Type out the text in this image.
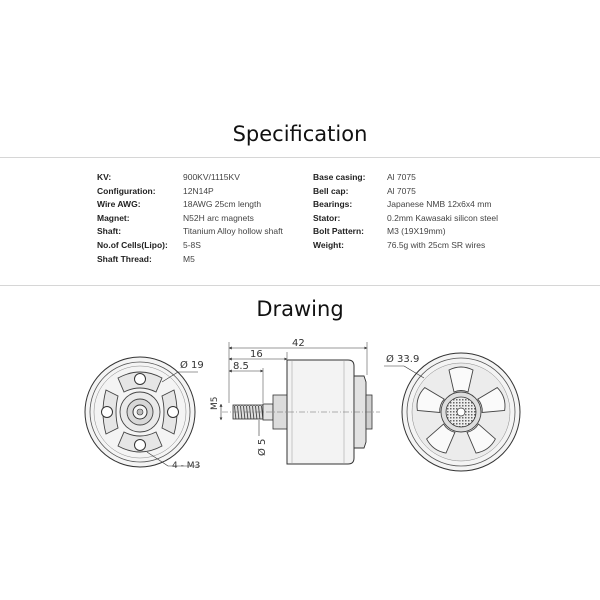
Specification
KV:
Configuration:
Wire AWG:
Magnet:
Shaft:
No.of Cells(Lipo):
Shaft Thread:
900KV/1115KV
12N14P
18AWG 25cm length
N52H arc magnets
Titanium Alloy hollow shaft
5-8S
M5
Base casing:
Bell cap:
Bearings:
Stator:
Bolt Pattern:
Weight:
Al 7075
Al 7075
Japanese NMB 12x6x4 mm
0.2mm Kawasaki silicon steel
M3 (19X19mm)
76.5g with 25cm SR wires
Drawing
Ø 19
4 - M3
42
16
8.5
M5
Ø 5
Ø 33.9
